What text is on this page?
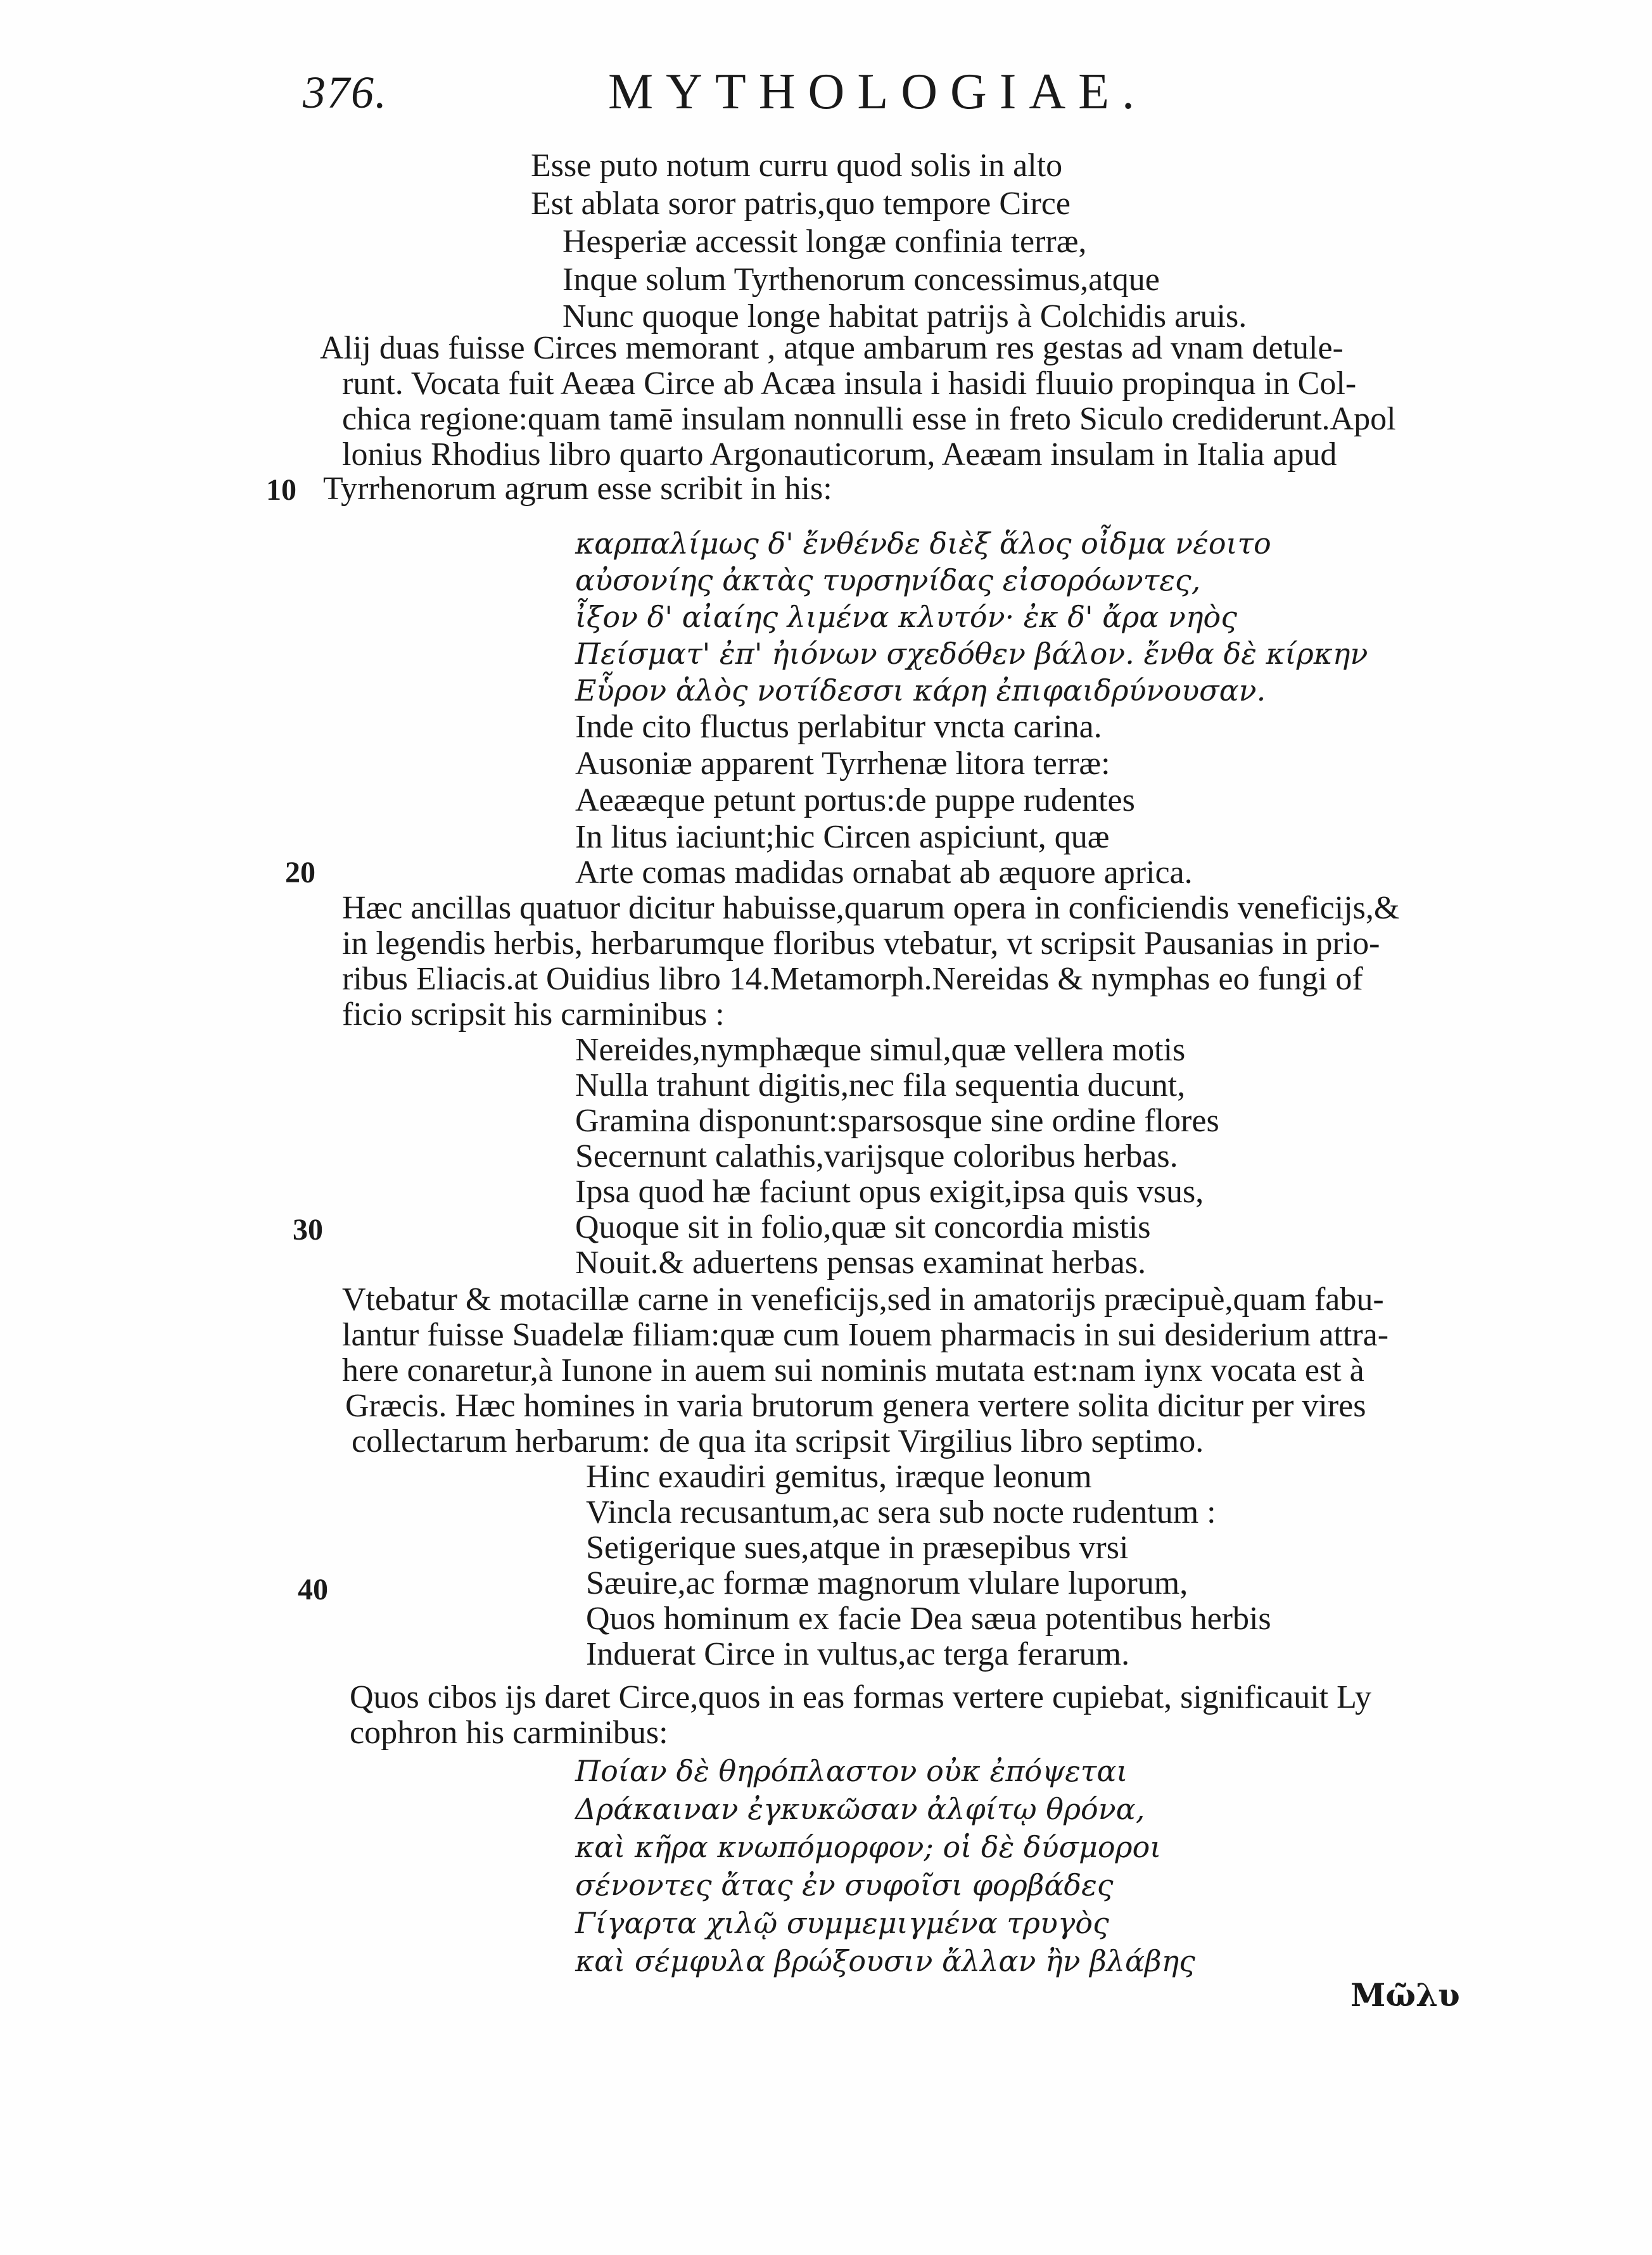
376.	MYTHOLOGIAE.
Esse puto notum curru quod solis in alto
Est ablata soror patris,quo tempore Circe
Hesperiæ accessit longæ confinia terræ,
Inque solum Tyrthenorum concessimus,atque
Nunc quoque longe habitat patrijs à Colchidis aruis.
Alij duas fuisse Circes memorant , atque ambarum res gestas ad vnam detule-
runt. Vocata fuit Aeæa Circe ab Acæa insula i hasidi fluuio propinqua in Col-
chica regione:quam tamē insulam nonnulli esse in freto Siculo crediderunt.Apol
lonius Rhodius libro quarto Argonauticorum, Aeæam insulam in Italia apud
10 Tyrrhenorum agrum esse scribit in his:
καρπαλίμως δ' ἔνθένδε διὲξ ἅλος οἶδμα νέοιτο
αὐσονίης ἀκτὰς τυρσηνίδας εἰσορόωντες,
ἶξον δ' αἰαίης λιμένα κλυτόν· ἐκ δ' ἄρα νηὸς
Πείσματ' ἐπ' ἠιόνων σχεδόθεν βάλον. ἔνθα δὲ κίρκην
Εὗρον ἁλὸς νοτίδεσσι κάρη ἐπιφαιδρύνουσαν.
Inde cito fluctus perlabitur vncta carina.
Ausoniæ apparent Tyrrhenæ litora terræ:
Aeææque petunt portus:de puppe rudentes
In litus iaciunt;hic Circen aspiciunt, quæ
20	Arte comas madidas ornabat ab æquore aprica.
Hæc ancillas quatuor dicitur habuisse,quarum opera in conficiendis veneficijs,&
in legendis herbis, herbarumque floribus vtebatur, vt scripsit Pausanias in prio-
ribus Eliacis.at Ouidius libro 14.Metamorph.Nereidas & nymphas eo fungi of
ficio scripsit his carminibus :
Nereides,nymphæque simul,quæ vellera motis
Nulla trahunt digitis,nec fila sequentia ducunt,
Gramina disponunt:sparsosque sine ordine flores
Secernunt calathis,varijsque coloribus herbas.
Ipsa quod hæ faciunt opus exigit,ipsa quis vsus,
30	Quoque sit in folio,quæ sit concordia mistis
Nouit.& aduertens pensas examinat herbas.
Vtebatur & motacillæ carne in veneficijs,sed in amatorijs præcipuè,quam fabu-
lantur fuisse Suadelæ filiam:quæ cum Iouem pharmacis in sui desiderium attra-
here conaretur,à Iunone in auem sui nominis mutata est:nam iynx vocata est à
Græcis. Hæc homines in varia brutorum genera vertere solita dicitur per vires
collectarum herbarum: de qua ita scripsit Virgilius libro septimo.
Hinc exaudiri gemitus, iræque leonum
Vincla recusantum,ac sera sub nocte rudentum :
Setigerique sues,atque in præsepibus vrsi
40	Sæuire,ac formæ magnorum vlulare luporum,
Quos hominum ex facie Dea sæua potentibus herbis
Induerat Circe in vultus,ac terga ferarum.
Quos cibos ijs daret Circe,quos in eas formas vertere cupiebat, significauit Ly
cophron his carminibus:
Ποίαν δὲ θηρόπλαστον οὐκ ἐπόψεται
Δράκαιναν ἐγκυκῶσαν ἀλφίτῳ θρόνα,
καὶ κῆρα κνωπόμορφον; οἱ δὲ δύσμοροι
σένοντες ἄτας ἐν συφοῖσι φορβάδες
Γίγαρτα χιλῷ συμμεμιγμένα τρυγὸς
καὶ σέμφυλα βρώξουσιν ἄλλαν ἢν βλάβης
Μῶλυ
